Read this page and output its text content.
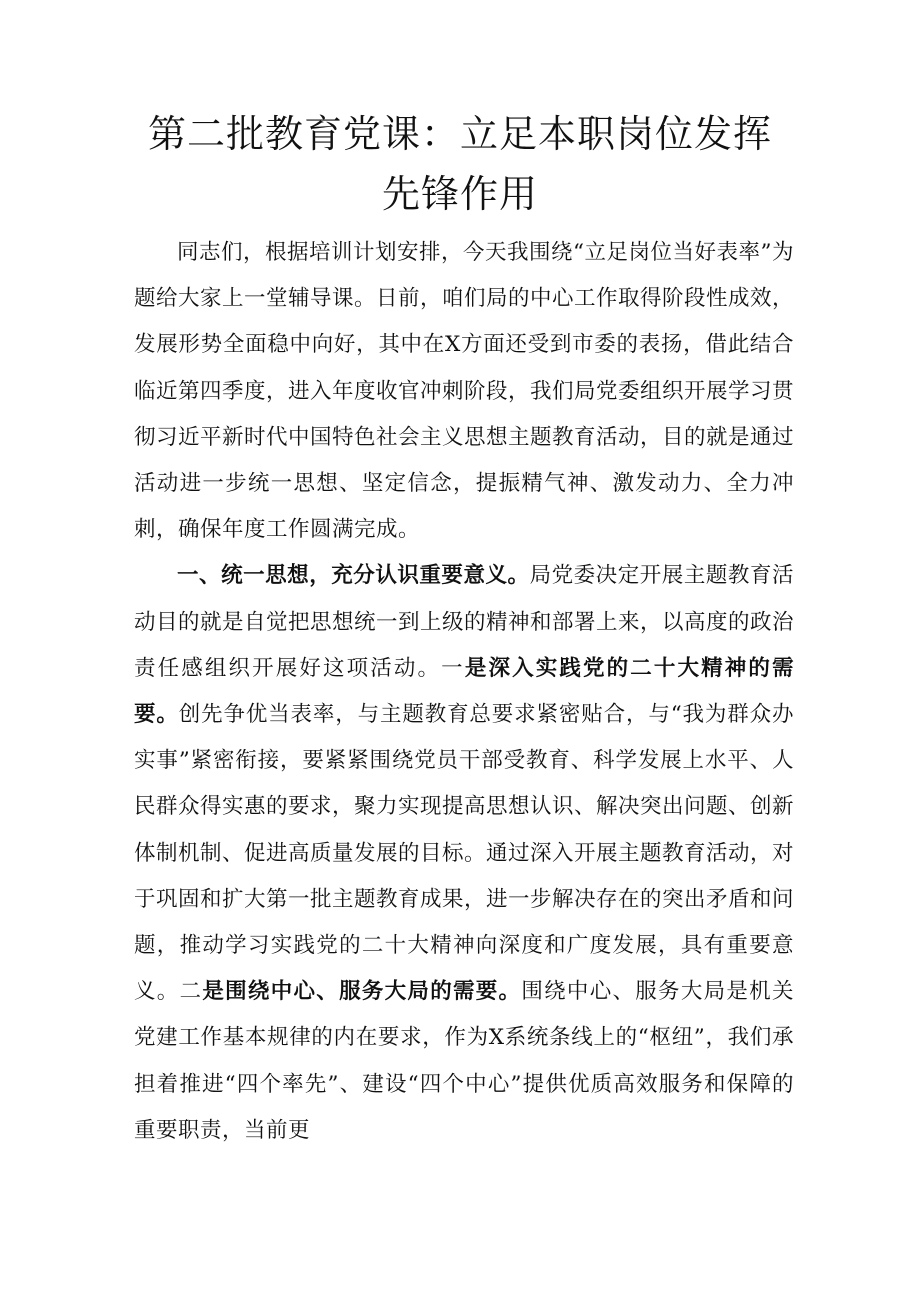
第二批教育党课：立足本职岗位发挥先锋作用

同志们，根据培训计划安排，今天我围绕“立足岗位当好表率”为题给大家上一堂辅导课。日前，咱们局的中心工作取得阶段性成效，发展形势全面稳中向好，其中在X方面还受到市委的表扬，借此结合临近第四季度，进入年度收官冲刺阶段，我们局党委组织开展学习贯彻习近平新时代中国特色社会主义思想主题教育活动，目的就是通过活动进一步统一思想、坚定信念，提振精气神、激发动力、全力冲刺，确保年度工作圆满完成。

一、统一思想，充分认识重要意义。局党委决定开展主题教育活动目的就是自觉把思想统一到上级的精神和部署上来，以高度的政治责任感组织开展好这项活动。一是深入实践党的二十大精神的需要。创先争优当表率，与主题教育总要求紧密贴合，与“我为群众办实事”紧密衔接，要紧紧围绕党员干部受教育、科学发展上水平、人民群众得实惠的要求，聚力实现提高思想认识、解决突出问题、创新体制机制、促进高质量发展的目标。通过深入开展主题教育活动，对于巩固和扩大第一批主题教育成果，进一步解决存在的突出矛盾和问题，推动学习实践党的二十大精神向深度和广度发展，具有重要意义。二是围绕中心、服务大局的需要。围绕中心、服务大局是机关党建工作基本规律的内在要求，作为X系统条线上的“枢纽”，我们承担着推进“四个率先”、建设“四个中心”提供优质高效服务和保障的重要职责，当前更
